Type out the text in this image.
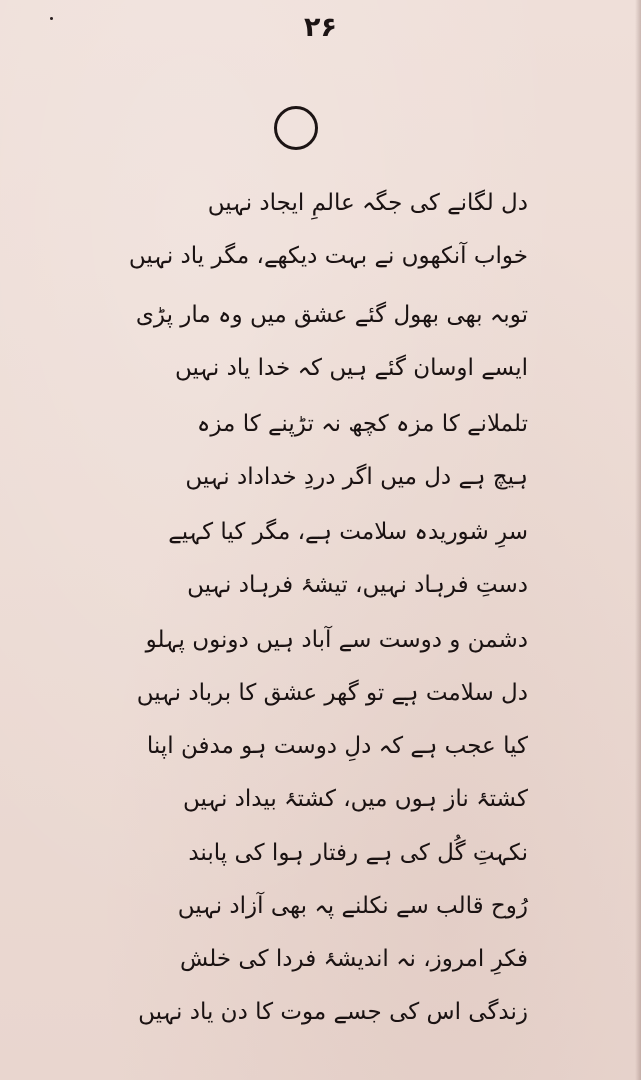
۲۶
دل لگانے کی جگہ عالمِ ایجاد نہیں
خواب آنکھوں نے بہت دیکھے، مگر یاد نہیں
توبہ بھی بھول گئے عشق میں وہ مار پڑی
ایسے اوسان گئے ہیں کہ خدا یاد نہیں
تلملانے کا مزہ کچھ نہ تڑپنے کا مزہ
ہیچ ہے دل میں اگر دردِ خداداد نہیں
سرِ شوریدہ سلامت ہے، مگر کیا کہیے
دستِ فرہاد نہیں، تیشۂ فرہاد نہیں
دشمن و دوست سے آباد ہیں دونوں پہلو
دل سلامت ہے تو گھر عشق کا برباد نہیں
کیا عجب ہے کہ دلِ دوست ہو مدفن اپنا
کشتۂ ناز ہوں میں، کشتۂ بیداد نہیں
نکہتِ گُل کی ہے رفتار ہوا کی پابند
رُوح قالب سے نکلنے پہ بھی آزاد نہیں
فکرِ امروز، نہ اندیشۂ فردا کی خلش
زندگی اس کی جسے موت کا دن یاد نہیں
